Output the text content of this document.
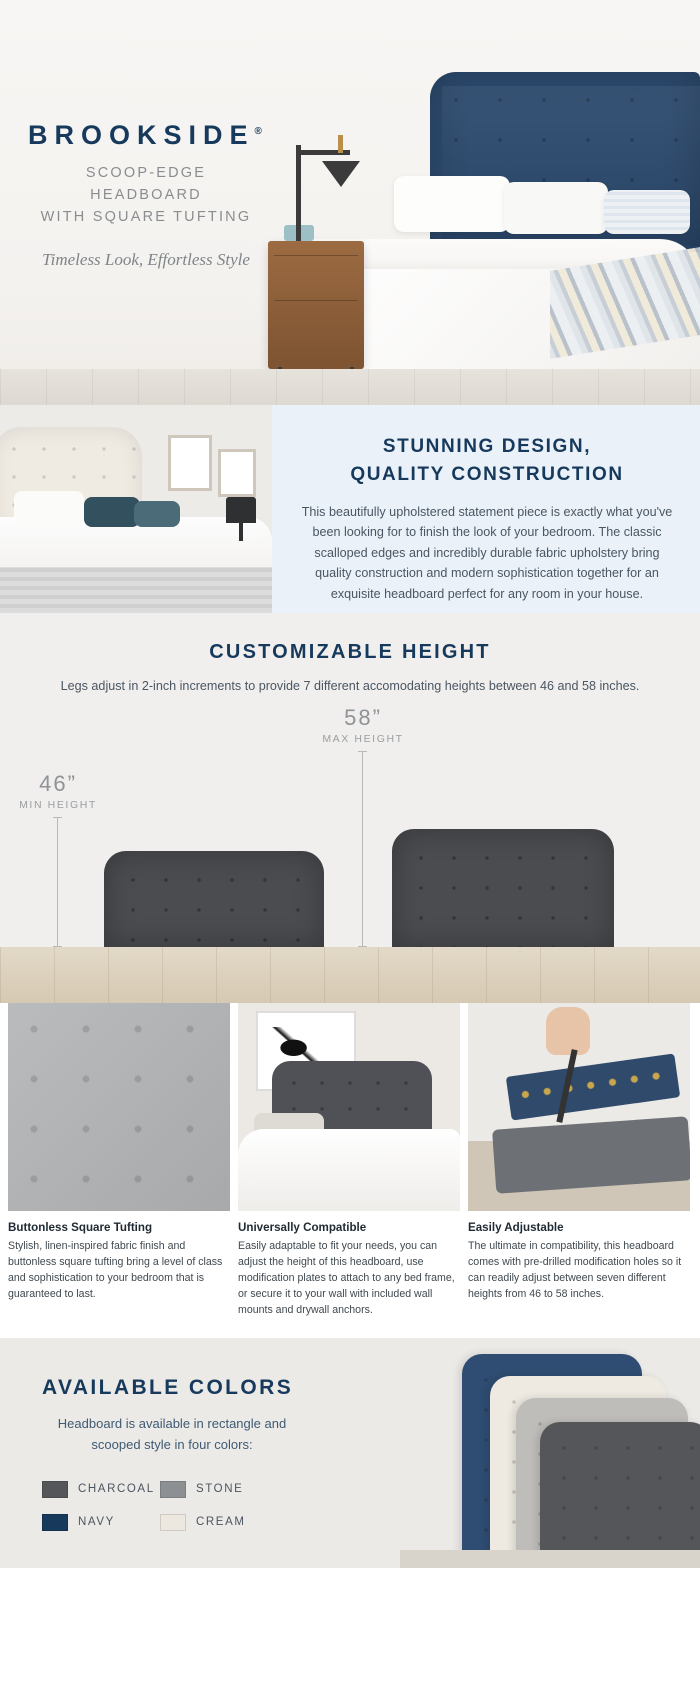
BROOKSIDE®
SCOOP-EDGE HEADBOARD
WITH SQUARE TUFTING
Timeless Look, Effortless Style
STUNNING DESIGN,
QUALITY CONSTRUCTION

This beautifully upholstered statement piece is exactly what you've been looking for to finish the look of your bedroom. The classic scalloped edges and incredibly durable fabric upholstery bring quality construction and modern sophistication together for an exquisite headboard perfect for any room in your house.

CUSTOMIZABLE HEIGHT

Legs adjust in 2-inch increments to provide 7 different accomodating heights between 46 and 58 inches.

46”
MIN HEIGHT
58”
MAX HEIGHT
Buttonless Square Tufting
Stylish, linen-inspired fabric finish and buttonless square tufting bring a level of class and sophistication to your bedroom that is guaranteed to last.
Universally Compatible
Easily adaptable to fit your needs, you can adjust the height of this headboard, use modification plates to attach to any bed frame, or secure it to your wall with included wall mounts and drywall anchors.
Easily Adjustable
The ultimate in compatibility, this headboard comes with pre-drilled modification holes so it can readily adjust between seven different heights from 46 to 58 inches.
AVAILABLE COLORS

Headboard is available in rectangle and scooped style in four colors:

CHARCOAL	STONE
NAVY	CREAM
